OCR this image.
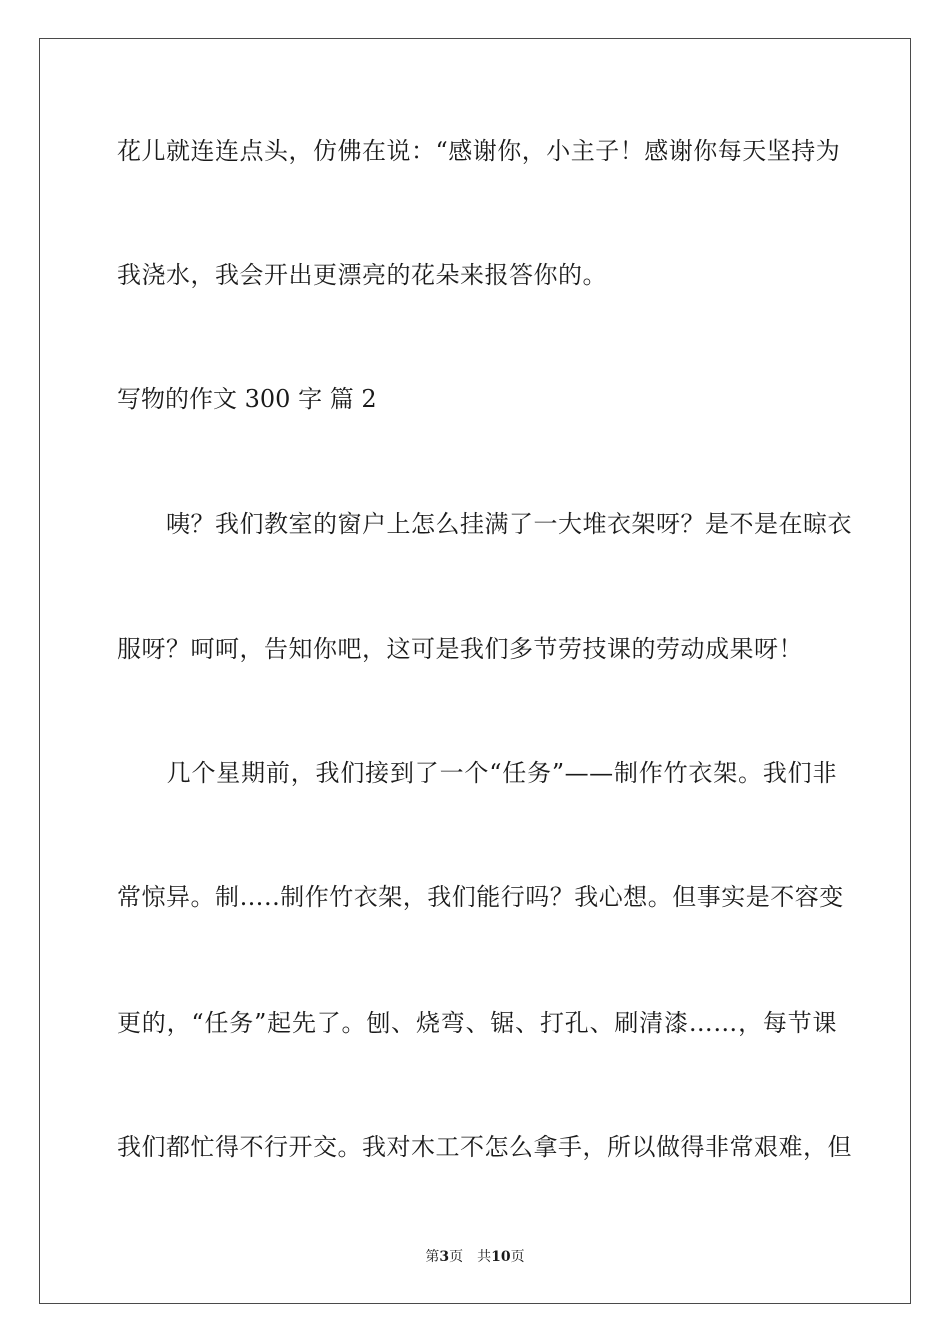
花儿就连连点头，仿佛在说：“感谢你，小主子！感谢你每天坚持为
我浇水，我会开出更漂亮的花朵来报答你的。
写物的作文 300 字 篇 2
　　咦？我们教室的窗户上怎么挂满了一大堆衣架呀？是不是在晾衣
服呀？呵呵，告知你吧，这可是我们多节劳技课的劳动成果呀！
　　几个星期前，我们接到了一个“任务”——制作竹衣架。我们非
常惊异。制…..制作竹衣架，我们能行吗？我心想。但事实是不容变
更的，“任务”起先了。刨、烧弯、锯、打孔、刷清漆……，每节课
我们都忙得不行开交。我对木工不怎么拿手，所以做得非常艰难，但
第3页 共10页
